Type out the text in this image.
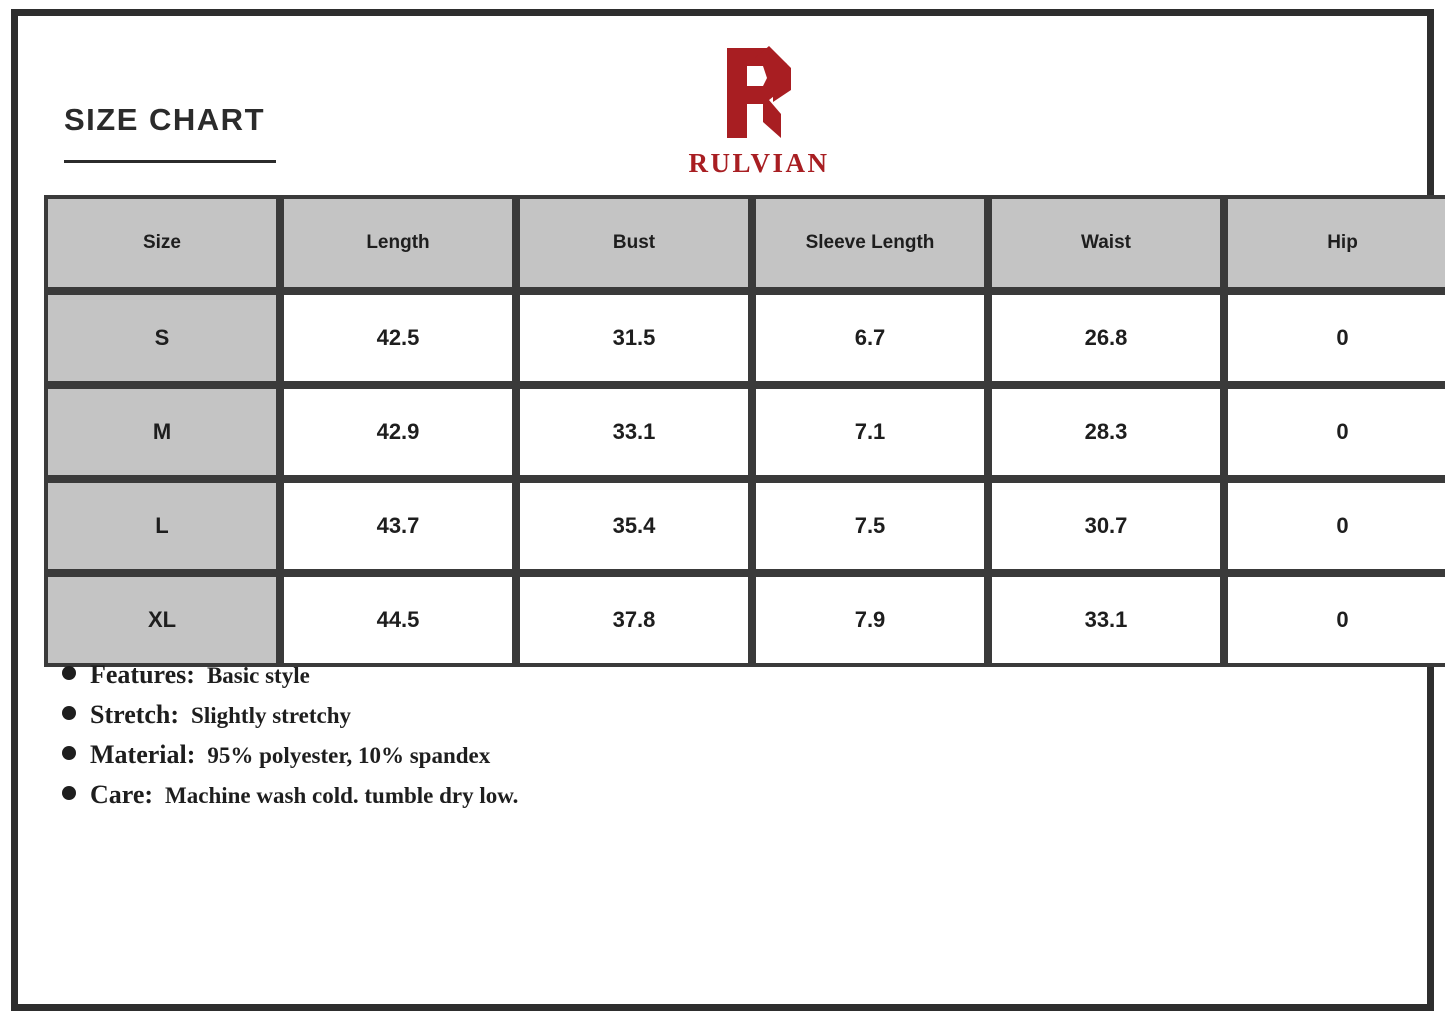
SIZE CHART
RULVIAN
Size	Length	Bust	Sleeve Length	Waist	Hip
S	42.5	31.5	6.7	26.8	0
M	42.9	33.1	7.1	28.3	0
L	43.7	35.4	7.5	30.7	0
XL	44.5	37.8	7.9	33.1	0
Features: Basic style
Stretch: Slightly stretchy
Material: 95% polyester, 10% spandex
Care: Machine wash cold. tumble dry low.
